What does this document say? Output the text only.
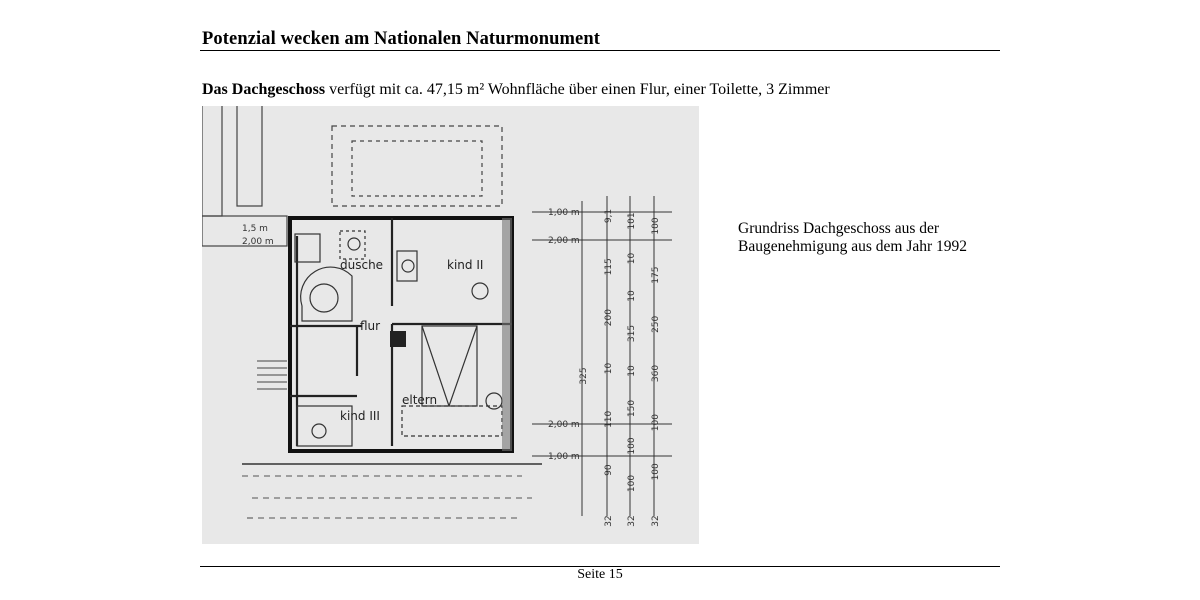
Potenzial wecken am Nationalen Naturmonument
Das Dachgeschoss verfügt mit ca. 47,15 m² Wohnfläche über einen Flur, einer Toilette, 3 Zimmer
dusche	kind II
flur
eltern
kind III
1,5 m
2,00 m
1,00 m
2,00 m
2,00 m
1,00 m
100
175
250
360
100
100
32
101
10
10
315
10
150
100
100
32
9,1
115
200
10
110
90
32
325
Grundriss Dachgeschoss aus der
Baugenehmigung aus dem Jahr 1992
Seite 15
